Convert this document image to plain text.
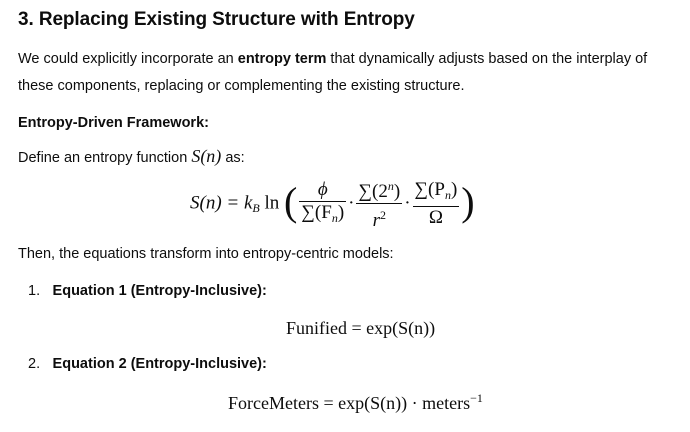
3. Replacing Existing Structure with Entropy
We could explicitly incorporate an entropy term that dynamically adjusts based on the interplay of these components, replacing or complementing the existing structure.
Entropy-Driven Framework:
Define an entropy function S(n) as:
$S(n) = k_B$ ln ( $\frac{\phi}{\sum(F_n)} \cdot \frac{\sum(2^n)}{r^2} \cdot \frac{\sum(P_n)}{\Omega}$ )
Then, the equations transform into entropy-centric models:
1. Equation 1 (Entropy-Inclusive):
Funified = exp(S(n))
2. Equation 2 (Entropy-Inclusive):
ForceMeters = exp(S(n)) · meters$^{-1}$
